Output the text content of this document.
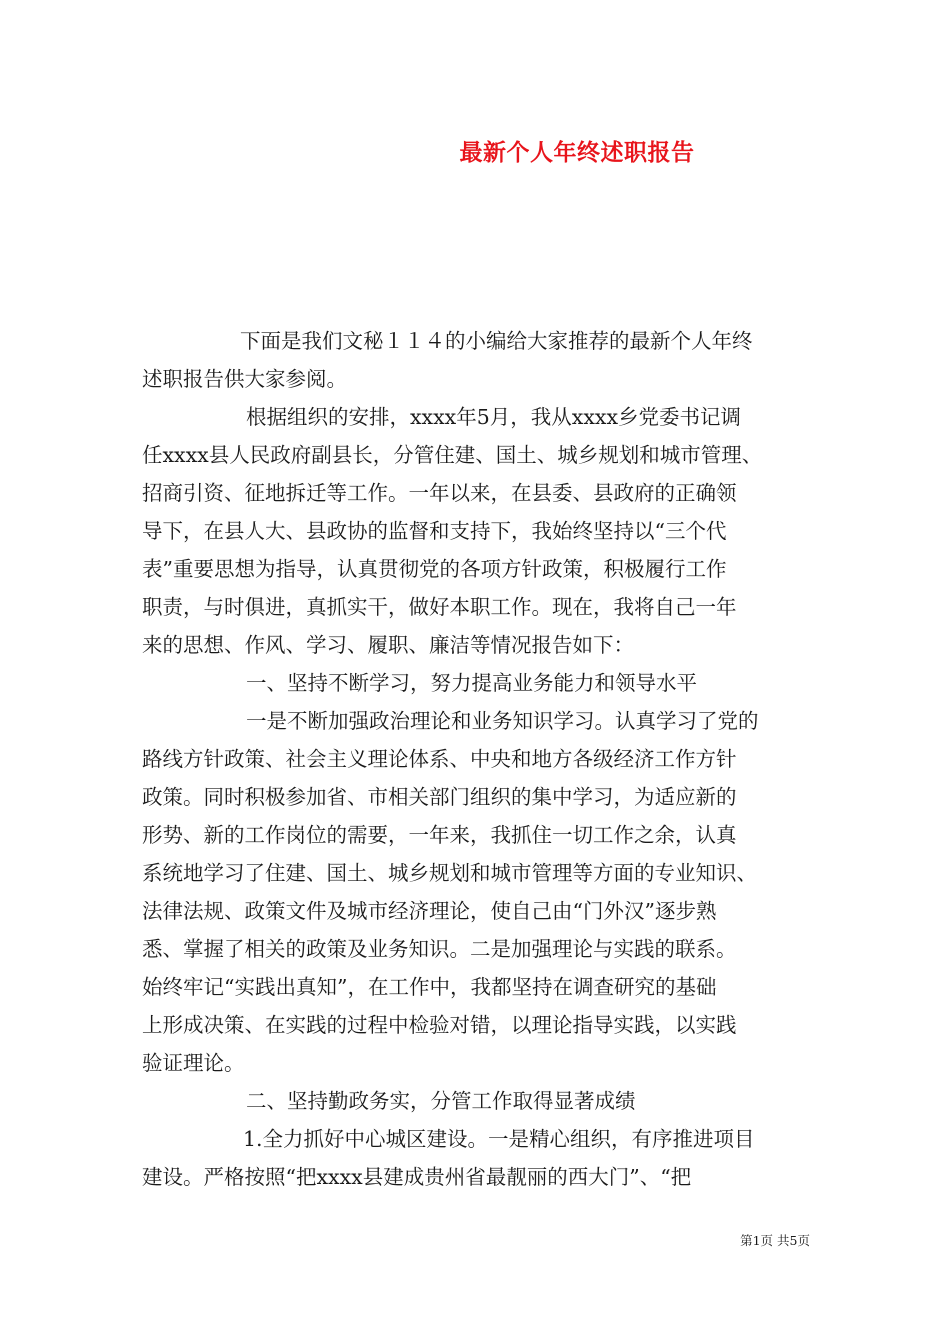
最新个人年终述职报告
下面是我们文秘１１４的小编给大家推荐的最新个人年终
述职报告供大家参阅。
根据组织的安排，xxxx年5月，我从xxxx乡党委书记调
任xxxx县人民政府副县长，分管住建、国土、城乡规划和城市管理、
招商引资、征地拆迁等工作。一年以来，在县委、县政府的正确领
导下，在县人大、县政协的监督和支持下，我始终坚持以“三个代
表”重要思想为指导，认真贯彻党的各项方针政策，积极履行工作
职责，与时俱进，真抓实干，做好本职工作。现在，我将自己一年
来的思想、作风、学习、履职、廉洁等情况报告如下：
一、坚持不断学习，努力提高业务能力和领导水平
一是不断加强政治理论和业务知识学习。认真学习了党的
路线方针政策、社会主义理论体系、中央和地方各级经济工作方针
政策。同时积极参加省、市相关部门组织的集中学习，为适应新的
形势、新的工作岗位的需要，一年来，我抓住一切工作之余，认真
系统地学习了住建、国土、城乡规划和城市管理等方面的专业知识、
法律法规、政策文件及城市经济理论，使自己由“门外汉”逐步熟
悉、掌握了相关的政策及业务知识。二是加强理论与实践的联系。
始终牢记“实践出真知”，在工作中，我都坚持在调查研究的基础
上形成决策、在实践的过程中检验对错，以理论指导实践，以实践
验证理论。
二、坚持勤政务实，分管工作取得显著成绩
1.全力抓好中心城区建设。一是精心组织，有序推进项目
建设。严格按照“把xxxx县建成贵州省最靓丽的西大门”、“把
第1页 共5页
